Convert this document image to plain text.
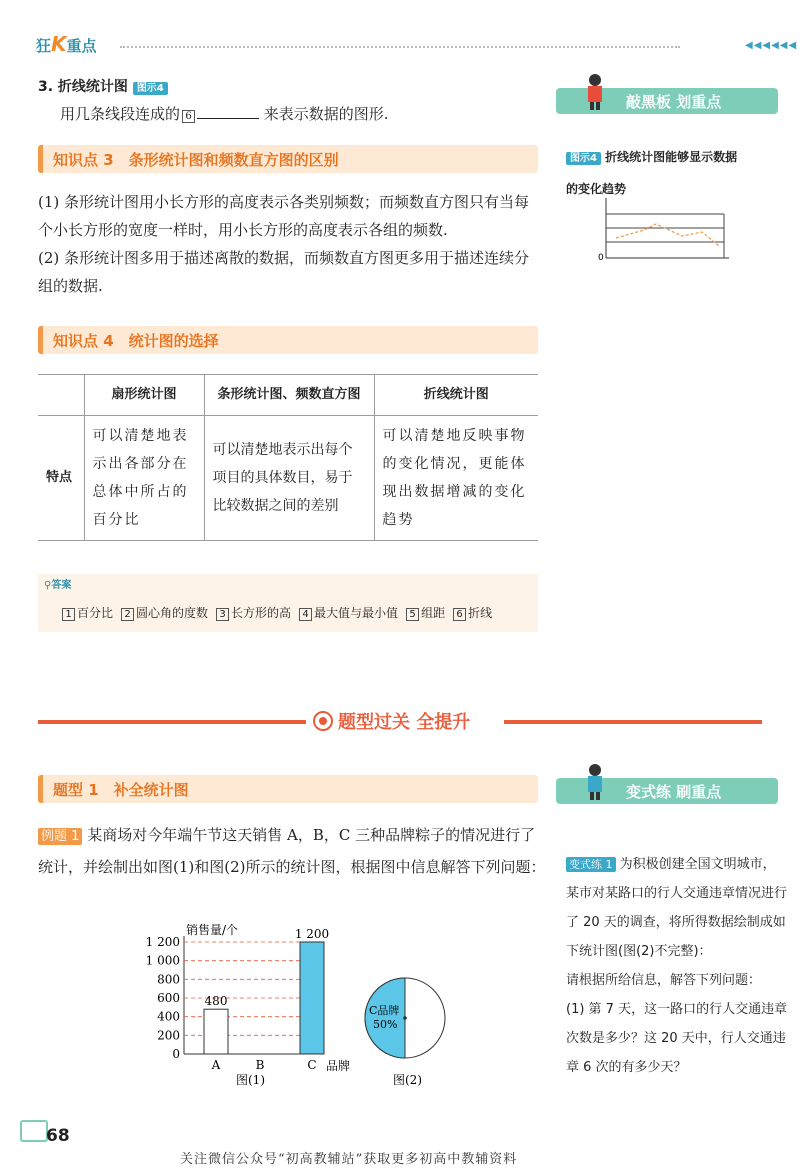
狂K重点	◀◀◀◀◀◀
3. 折线统计图 图示4
用几条线段连成的 6	来表示数据的图形.
敲黑板 划重点
图示4 折线统计图能够显示数据
的变化趋势
0
知识点 3　条形统计图和频数直方图的区别

(1) 条形统计图用小长方形的高度表示各类别频数；而频数直方图只有当每个小长方形的宽度一样时，用小长方形的高度表示各组的频数.

(2) 条形统计图多用于描述离散的数据，而频数直方图更多用于描述连续分组的数据.

知识点 4　统计图的选择
	扇形统计图	条形统计图、频数直方图	折线统计图
特点	可以清楚地表示出各部分在总体中所占的百分比	可以清楚地表示出每个项目的具体数目，易于比较数据之间的差别	可以清楚地反映事物的变化情况，更能体现出数据增减的变化趋势
⚲答案
1 百分比 2 圆心角的度数 3 长方形的高 4 最大值与最小值 5 组距 6 折线
题型过关 全提升
题型 1　补全统计图
例题 1 某商场对今年端午节这天销售 A，B，C 三种品牌粽子的情况进行了统计，并绘制出如图(1)和图(2)所示的统计图，根据图中信息解答下列问题：
销售量/个
品牌
图(1)
0
200
400
600
800
1 000
1 200
480
A	B
1 200
C
C品牌
50%
图(2)
变式练 刷重点
变式练 1 为积极创建全国文明城市，某市对某路口的行人交通违章情况进行了 20 天的调查，将所得数据绘制成如下统计图(图(2)不完整)：
请根据所给信息，解答下列问题：
(1) 第 7 天，这一路口的行人交通违章次数是多少？这 20 天中，行人交通违章 6 次的有多少天？
68
关注微信公众号“初高教辅站”获取更多初高中教辅资料
